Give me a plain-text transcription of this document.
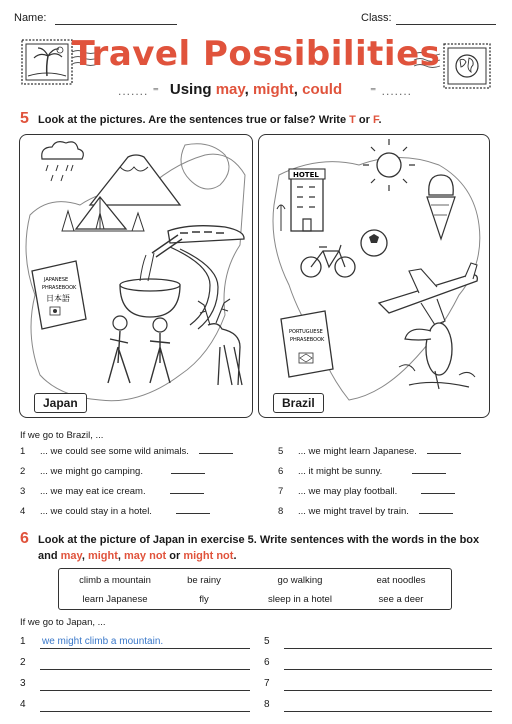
Name:	Class:
Travel Possibilities
....... ⁼ Using may, might, could	⁼ .......
5 Look at the pictures. Are the sentences true or false? Write T or F.
JAPANESE
PHRASEBOOK
日本語
Japan
HOTEL
PORTUGUESE
PHRASEBOOK
Brazil
If we go to Brazil, ...
1 ... we could see some wild animals.
2 ... we might go camping.
3 ... we may eat ice cream.
4 ... we could stay in a hotel.
5 ... we might learn Japanese.
6 ... it might be sunny.
7 ... we may play football.
8 ... we might travel by train.
6 Look at the picture of Japan in exercise 5. Write sentences with the words in the box
and may, might, may not or might not.
climb a mountain	be rainy	go walking	eat noodles
learn Japanese	fly	sleep in a hotel	see a deer
If we go to Japan, ...
1 we might climb a mountain.
2
3
4
5
6
7
8
